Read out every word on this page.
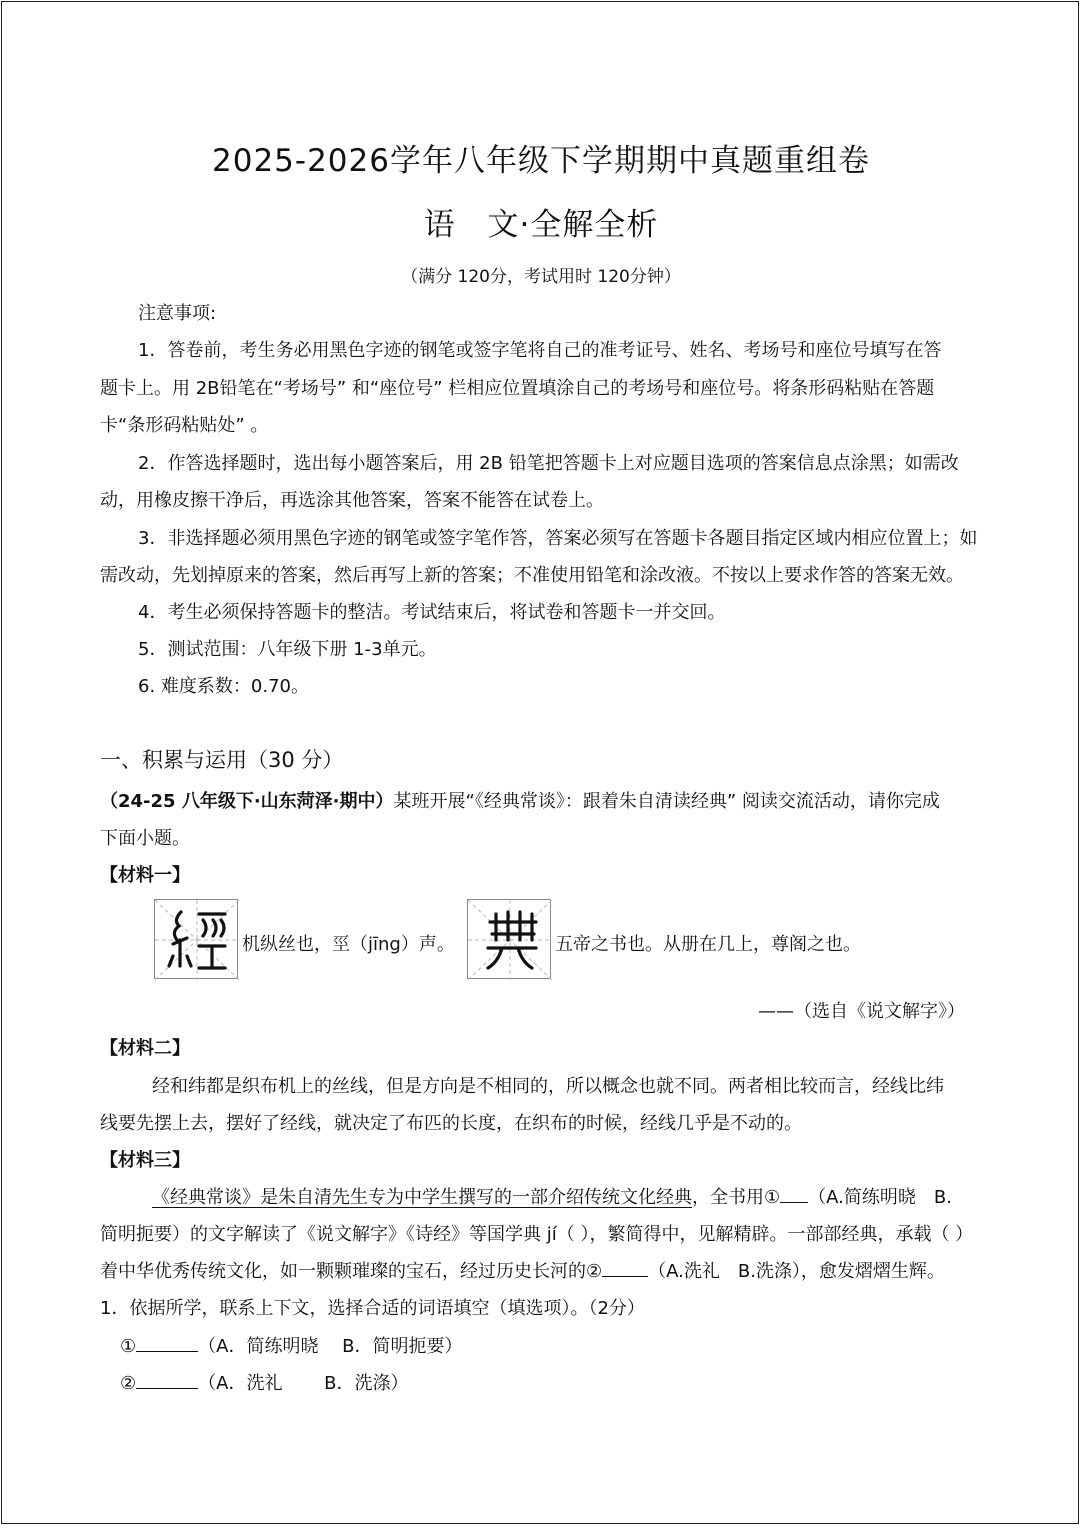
2025-2026学年八年级下学期期中真题重组卷
语　文·全解全析
（满分 120分，考试用时 120分钟）
注意事项:
1．答卷前，考生务必用黑色字迹的钢笔或签字笔将自己的准考证号、姓名、考场号和座位号填写在答
题卡上。用 2B铅笔在“考场号” 和“座位号” 栏相应位置填涂自己的考场号和座位号。将条形码粘贴在答题
卡“条形码粘贴处” 。
2．作答选择题时，选出每小题答案后，用 2B 铅笔把答题卡上对应题目选项的答案信息点涂黑；如需改
动，用橡皮擦干净后，再选涂其他答案，答案不能答在试卷上。
3．非选择题必须用黑色字迹的钢笔或签字笔作答，答案必须写在答题卡各题目指定区域内相应位置上；如
需改动，先划掉原来的答案，然后再写上新的答案；不准使用铅笔和涂改液。不按以上要求作答的答案无效。
4．考生必须保持答题卡的整洁。考试结束后，将试卷和答题卡一并交回。
5．测试范围：八年级下册 1-3单元。
6. 难度系数：0.70。
一、积累与运用（30 分）
（24-25 八年级下·山东菏泽·期中）某班开展“《经典常谈》：跟着朱自清读经典” 阅读交流活动，请你完成
下面小题。
【材料一】
机纵丝也，巠（jīng）声。	五帝之书也。从册在几上，尊阁之也。
——（选自《说文解字》）
【材料二】
经和纬都是织布机上的丝线，但是方向是不相同的，所以概念也就不同。两者相比较而言，经线比纬
线要先摆上去，摆好了经线，就决定了布匹的长度，在织布的时候，经线几乎是不动的。
【材料三】
《经典常谈》是朱自清先生专为中学生撰写的一部介绍传统文化经典，全书用① （A.简练明晓　B.
简明扼要）的文字解读了《说文解字》《诗经》等国学典 jí（ ），繁简得中，见解精辟。一部部经典，承载（ ）
着中华优秀传统文化，如一颗颗璀璨的宝石，经过历史长河的②	（A.洗礼　B.洗涤），愈发熠熠生辉。
1．依据所学，联系上下文，选择合适的词语填空（填选项）。（2分）
①	（A．简练明晓　 B．简明扼要）
②	（A．洗礼　　 B．洗涤）
